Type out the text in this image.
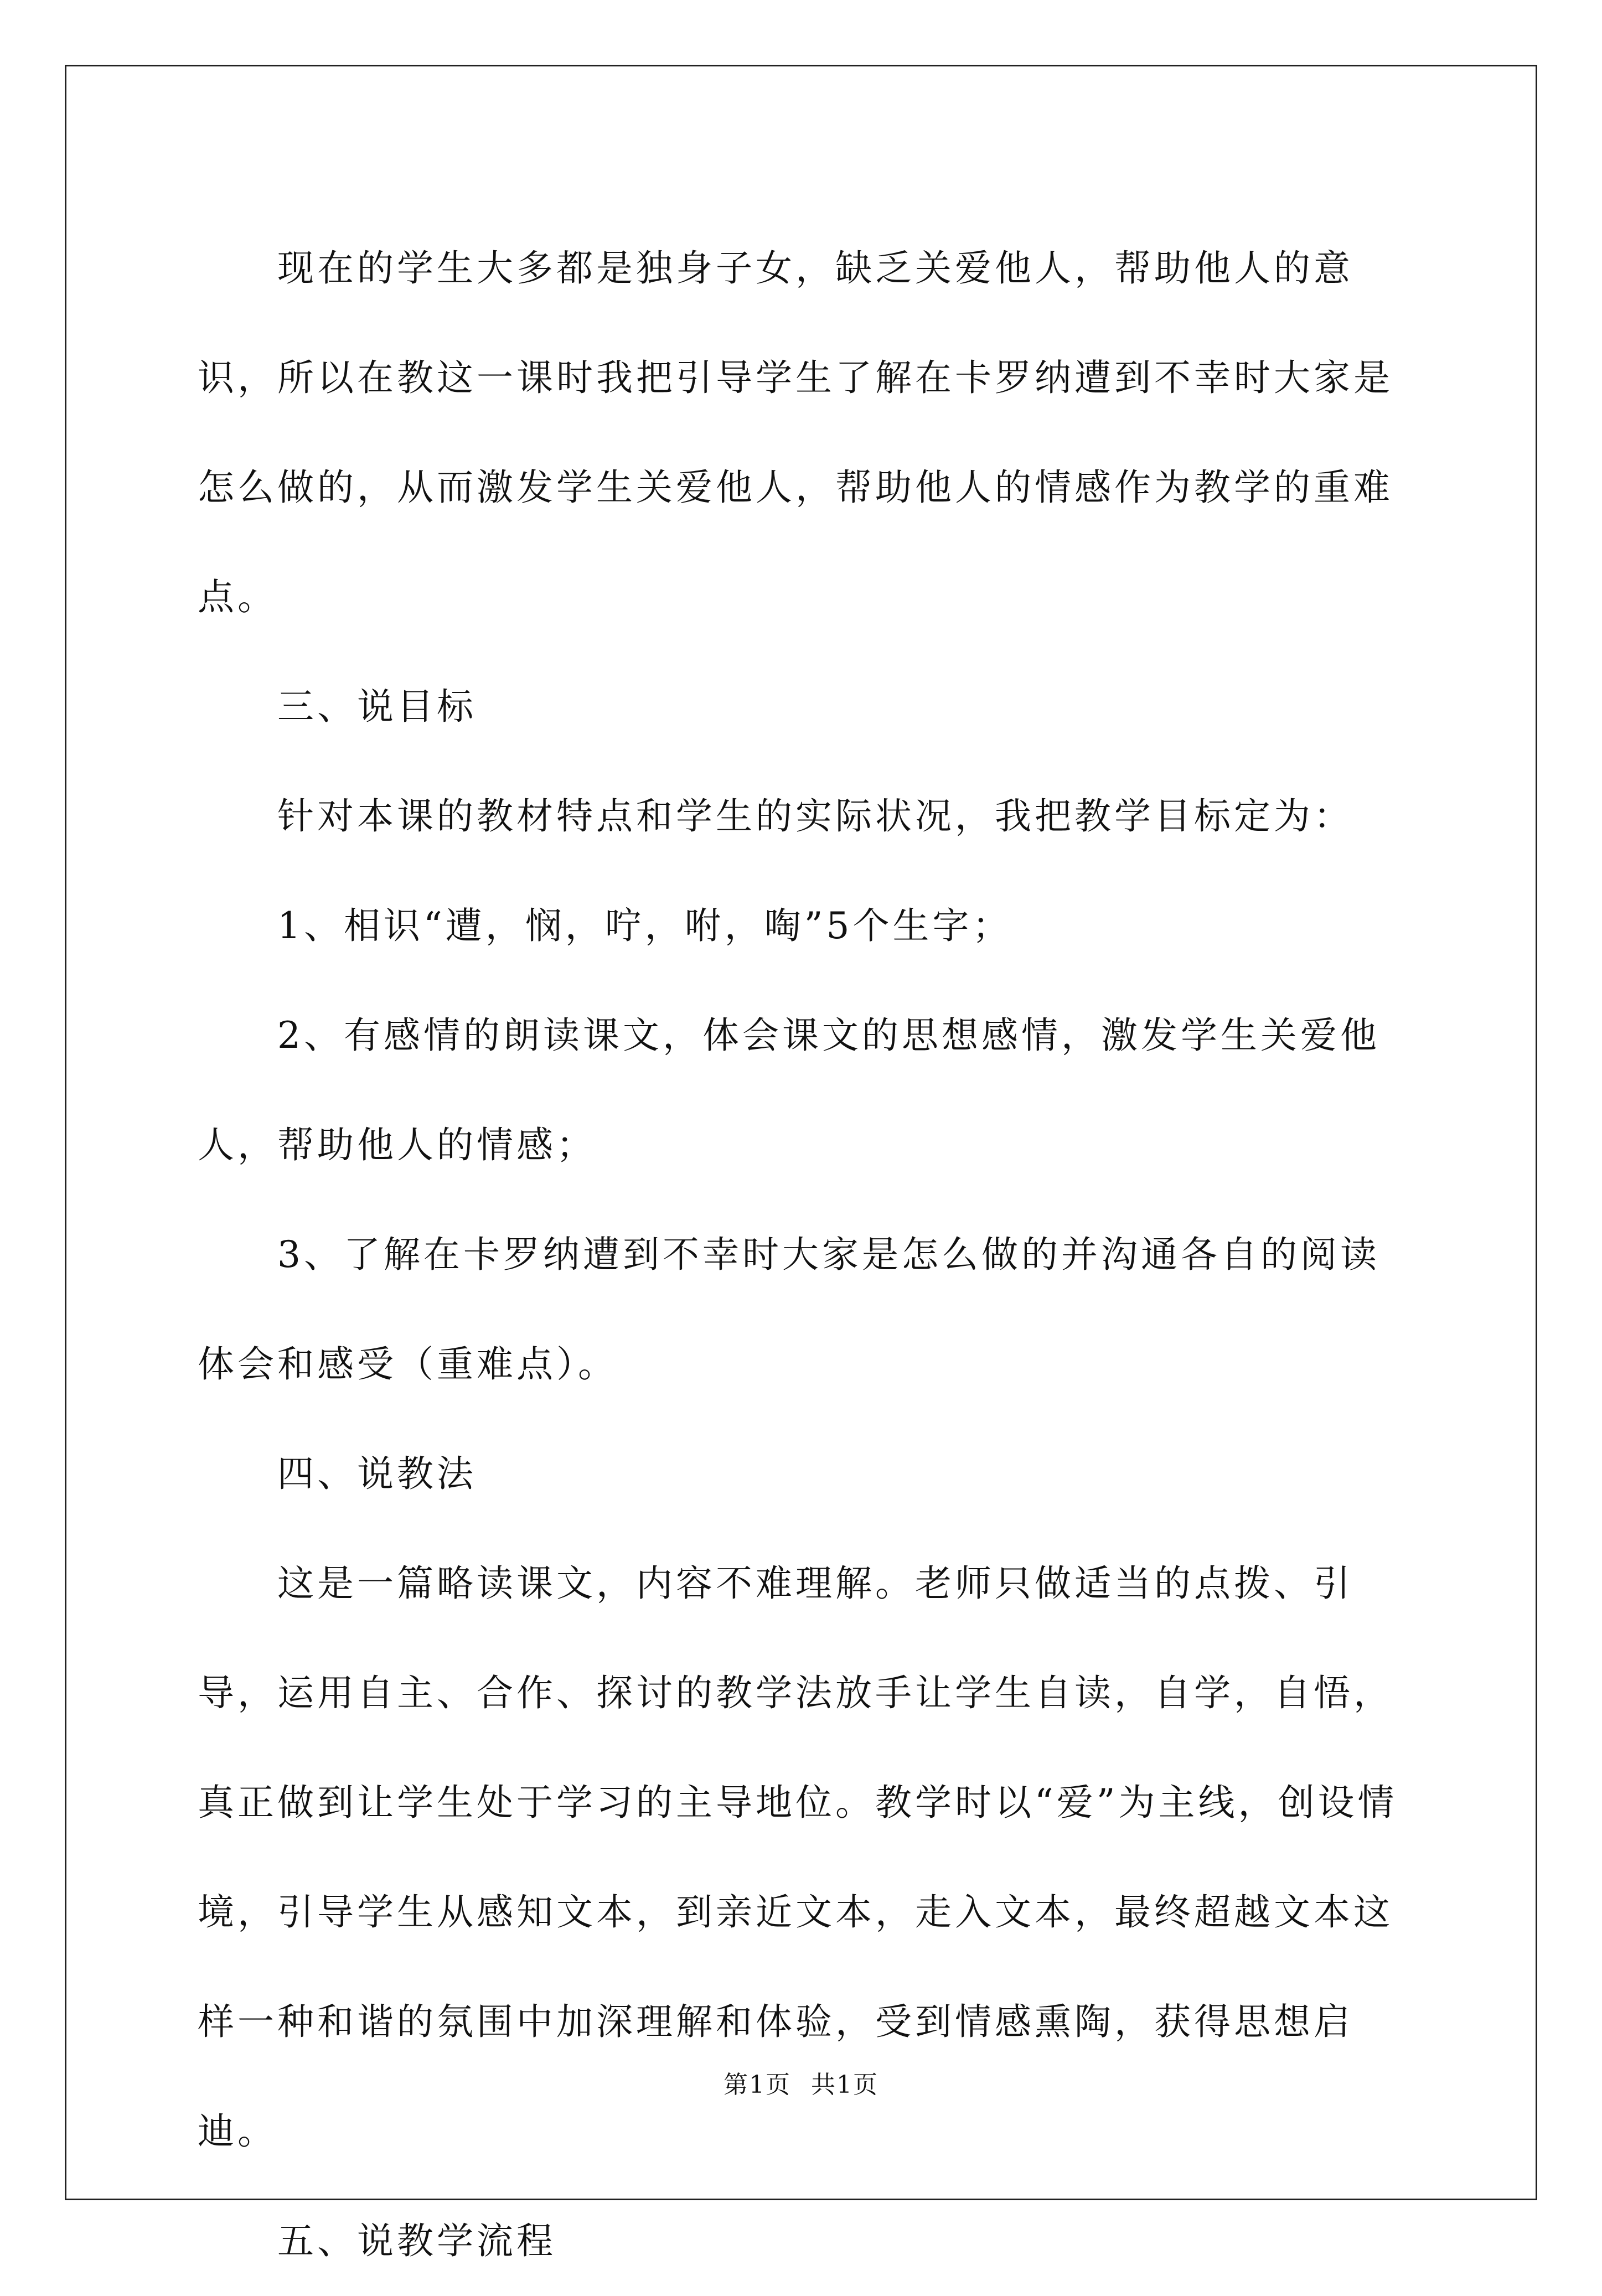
现在的学生大多都是独身子女，缺乏关爱他人，帮助他人的意识，所以在教这一课时我把引导学生了解在卡罗纳遭到不幸时大家是怎么做的，从而激发学生关爱他人，帮助他人的情感作为教学的重难点。

三、说目标

针对本课的教材特点和学生的实际状况，我把教学目标定为：

1、相识“遭，悯，咛，咐，啕”5个生字；

2、有感情的朗读课文，体会课文的思想感情，激发学生关爱他人，帮助他人的情感；

3、了解在卡罗纳遭到不幸时大家是怎么做的并沟通各自的阅读体会和感受（重难点）。

四、说教法

这是一篇略读课文，内容不难理解。老师只做适当的点拨、引导，运用自主、合作、探讨的教学法放手让学生自读，自学，自悟，真正做到让学生处于学习的主导地位。教学时以“爱”为主线，创设情境，引导学生从感知文本，到亲近文本，走入文本，最终超越文本这样一种和谐的氛围中加深理解和体验，受到情感熏陶，获得思想启迪。

五、说教学流程

第1页 共1页
